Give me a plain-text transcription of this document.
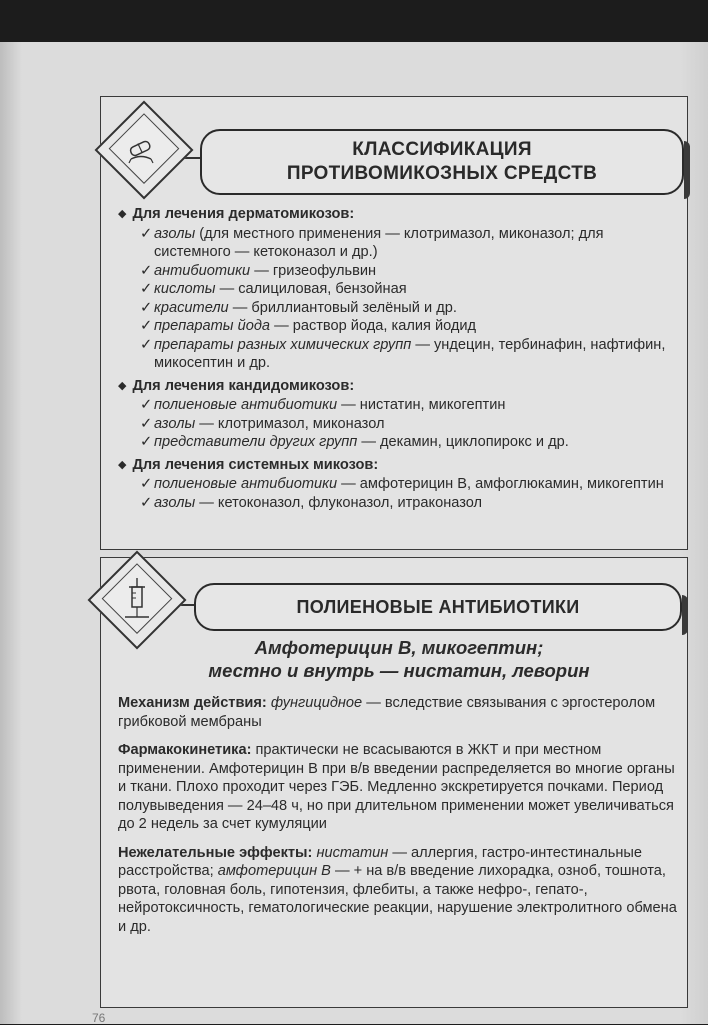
КЛАССИФИКАЦИЯ
ПРОТИВОМИКОЗНЫХ СРЕДСТВ
◆ Для лечения дерматомикозов:
✓ азолы (для местного применения — клотримазол, миконазол; для системного — кетоконазол и др.)
✓ антибиотики — гризеофульвин
✓ кислоты — салициловая, бензойная
✓ красители — бриллиантовый зелёный и др.
✓ препараты йода — раствор йода, калия йодид
✓ препараты разных химических групп — ундецин, тербинафин, нафтифин, микосептин и др.
◆ Для лечения кандидомикозов:
✓ полиеновые антибиотики — нистатин, микогептин
✓ азолы — клотримазол, миконазол
✓ представители других групп — декамин, циклопирокс и др.
◆ Для лечения системных микозов:
✓ полиеновые антибиотики — амфотерицин В, амфоглюкамин, микогептин
✓ азолы — кетоконазол, флуконазол, итраконазол
ПОЛИЕНОВЫЕ АНТИБИОТИКИ
Амфотерицин В, микогептин;
местно и внутрь — нистатин, леворин
Механизм действия: фунгицидное — вследствие связывания с эргостеролом грибковой мембраны
Фармакокинетика: практически не всасываются в ЖКТ и при местном применении. Амфотерицин В при в/в введении распределяется во многие органы и ткани. Плохо проходит через ГЭБ. Медленно экскретируется почками. Период полувыведения — 24–48 ч, но при длительном применении может увеличиваться до 2 недель за счет кумуляции
Нежелательные эффекты: нистатин — аллергия, гастро-интестинальные расстройства; амфотерицин В — + на в/в введение лихорадка, озноб, тошнота, рвота, головная боль, гипотензия, флебиты, а также нефро-, гепато-, нейротоксичность, гематологические реакции, нарушение электролитного обмена и др.
76
